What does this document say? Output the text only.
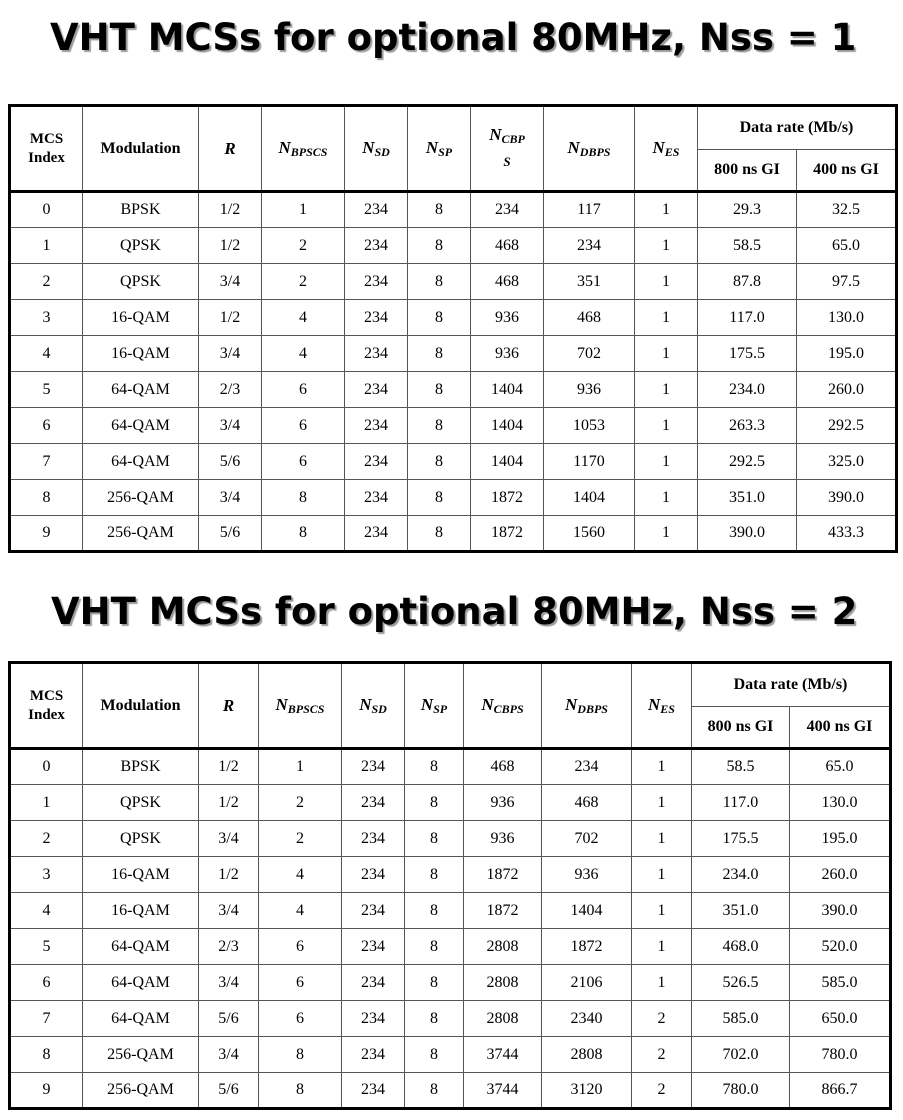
VHT MCSs for optional 80MHz, Nss = 1
MCS
Index	Modulation	R	$N_{BPSCS}$	$N_{SD}$	$N_{SP}$	$N_{CBP}$
S	$N_{DBPS}$	$N_{ES}$	Data rate (Mb/s)	
									800 ns GI	400 ns GI
0	BPSK	1/2	1	234	8	234	117	1	29.3	32.5
1	QPSK	1/2	2	234	8	468	234	1	58.5	65.0
2	QPSK	3/4	2	234	8	468	351	1	87.8	97.5
3	16-QAM	1/2	4	234	8	936	468	1	117.0	130.0
4	16-QAM	3/4	4	234	8	936	702	1	175.5	195.0
5	64-QAM	2/3	6	234	8	1404	936	1	234.0	260.0
6	64-QAM	3/4	6	234	8	1404	1053	1	263.3	292.5
7	64-QAM	5/6	6	234	8	1404	1170	1	292.5	325.0
8	256-QAM	3/4	8	234	8	1872	1404	1	351.0	390.0
9	256-QAM	5/6	8	234	8	1872	1560	1	390.0	433.3
VHT MCSs for optional 80MHz, Nss = 2
MCS
Index	Modulation	R	$N_{BPSCS}$	$N_{SD}$	$N_{SP}$	$N_{CBPS}$	$N_{DBPS}$	$N_{ES}$	Data rate (Mb/s)	
									800 ns GI	400 ns GI
0	BPSK	1/2	1	234	8	468	234	1	58.5	65.0
1	QPSK	1/2	2	234	8	936	468	1	117.0	130.0
2	QPSK	3/4	2	234	8	936	702	1	175.5	195.0
3	16-QAM	1/2	4	234	8	1872	936	1	234.0	260.0
4	16-QAM	3/4	4	234	8	1872	1404	1	351.0	390.0
5	64-QAM	2/3	6	234	8	2808	1872	1	468.0	520.0
6	64-QAM	3/4	6	234	8	2808	2106	1	526.5	585.0
7	64-QAM	5/6	6	234	8	2808	2340	2	585.0	650.0
8	256-QAM	3/4	8	234	8	3744	2808	2	702.0	780.0
9	256-QAM	5/6	8	234	8	3744	3120	2	780.0	866.7
